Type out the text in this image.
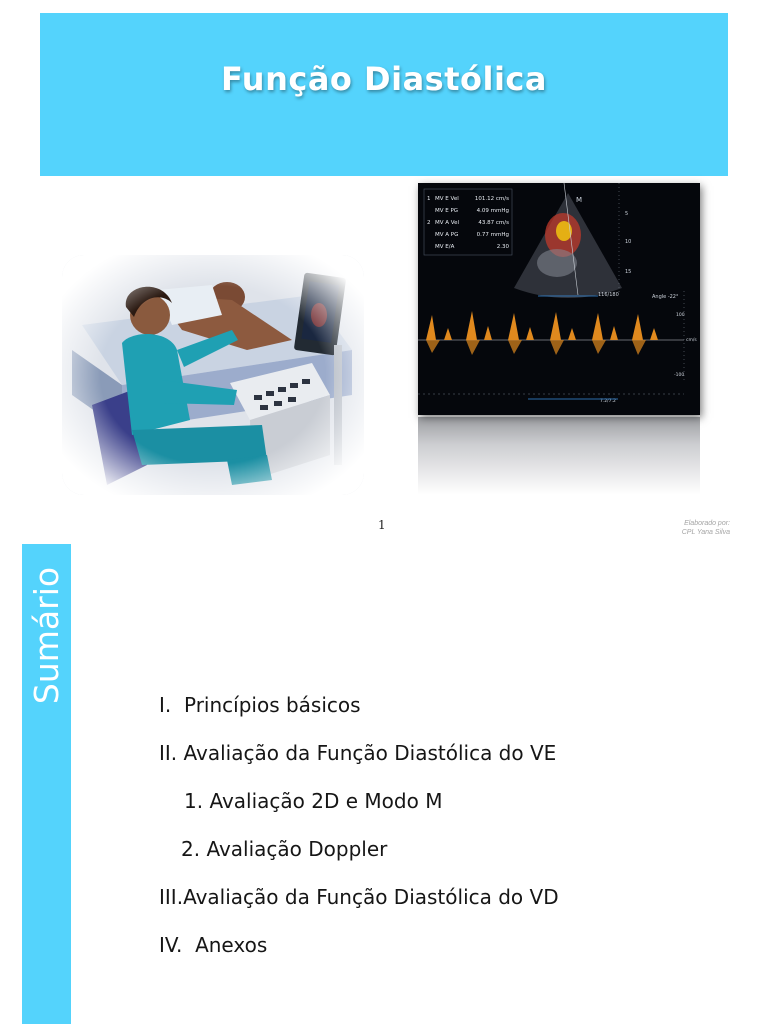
Função Diastólica
1 MV E Vel	101.12 cm/s
MV E PG	4.09 mmHg
2 MV A Vel	43.87 cm/s
MV A PG	0.77 mmHg
MV E/A	2.30
M
5
10
15
Angle -22°
116/180
100
cm/s
-100
7.2/7.2
1	Elaborado por:
CPL Yana Silva
Sumário
I. Princípios básicos
II. Avaliação da Função Diastólica do VE
1. Avaliação 2D e Modo M
2. Avaliação Doppler
III.Avaliação da Função Diastólica do VD
IV. Anexos
